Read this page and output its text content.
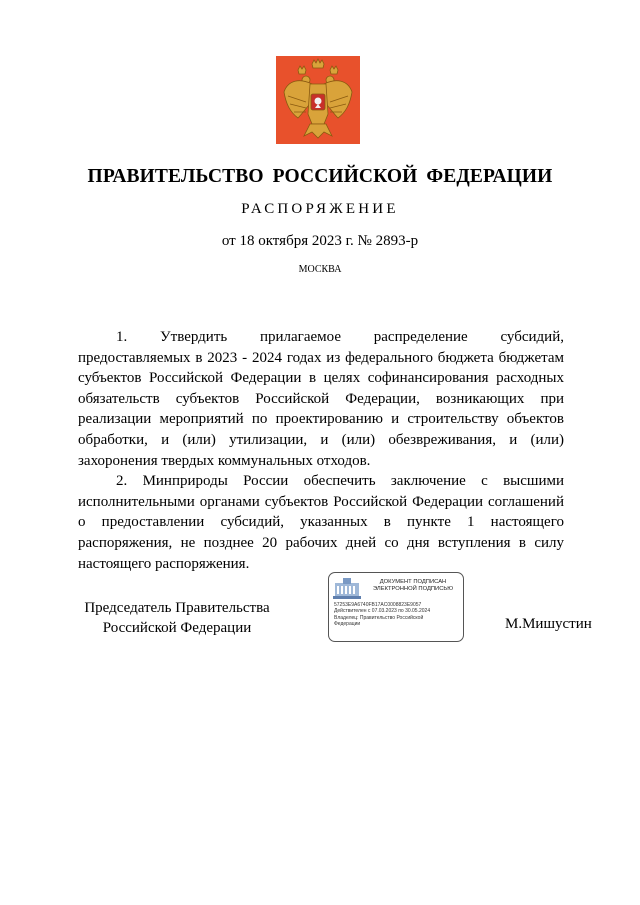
ПРАВИТЕЛЬСТВО РОССИЙСКОЙ ФЕДЕРАЦИИ
РАСПОРЯЖЕНИЕ
от 18 октября 2023 г. № 2893-р
МОСКВА

1. Утвердить прилагаемое распределение субсидий, предоставляемых в 2023 - 2024 годах из федерального бюджета бюджетам субъектов Российской Федерации в целях софинансирования расходных обязательств субъектов Российской Федерации, возникающих при реализации мероприятий по проектированию и строительству объектов обработки, и (или) утилизации, и (или) обезвреживания, и (или) захоронения твердых коммунальных отходов.

2. Минприроды России обеспечить заключение с высшими исполнительными органами субъектов Российской Федерации соглашений о предоставлении субсидий, указанных в пункте 1 настоящего распоряжения, не позднее 20 рабочих дней со дня вступления в силу настоящего распоряжения.

Председатель Правительства
Российской Федерации
ДОКУМЕНТ ПОДПИСАН
ЭЛЕКТРОННОЙ ПОДПИСЬЮ
57253E9A6740FB17AC0008823E9057
Действителен с 07.03.2023 по 30.05.2024
Владелец: Правительство Российской
Федерации	М.Мишустин
